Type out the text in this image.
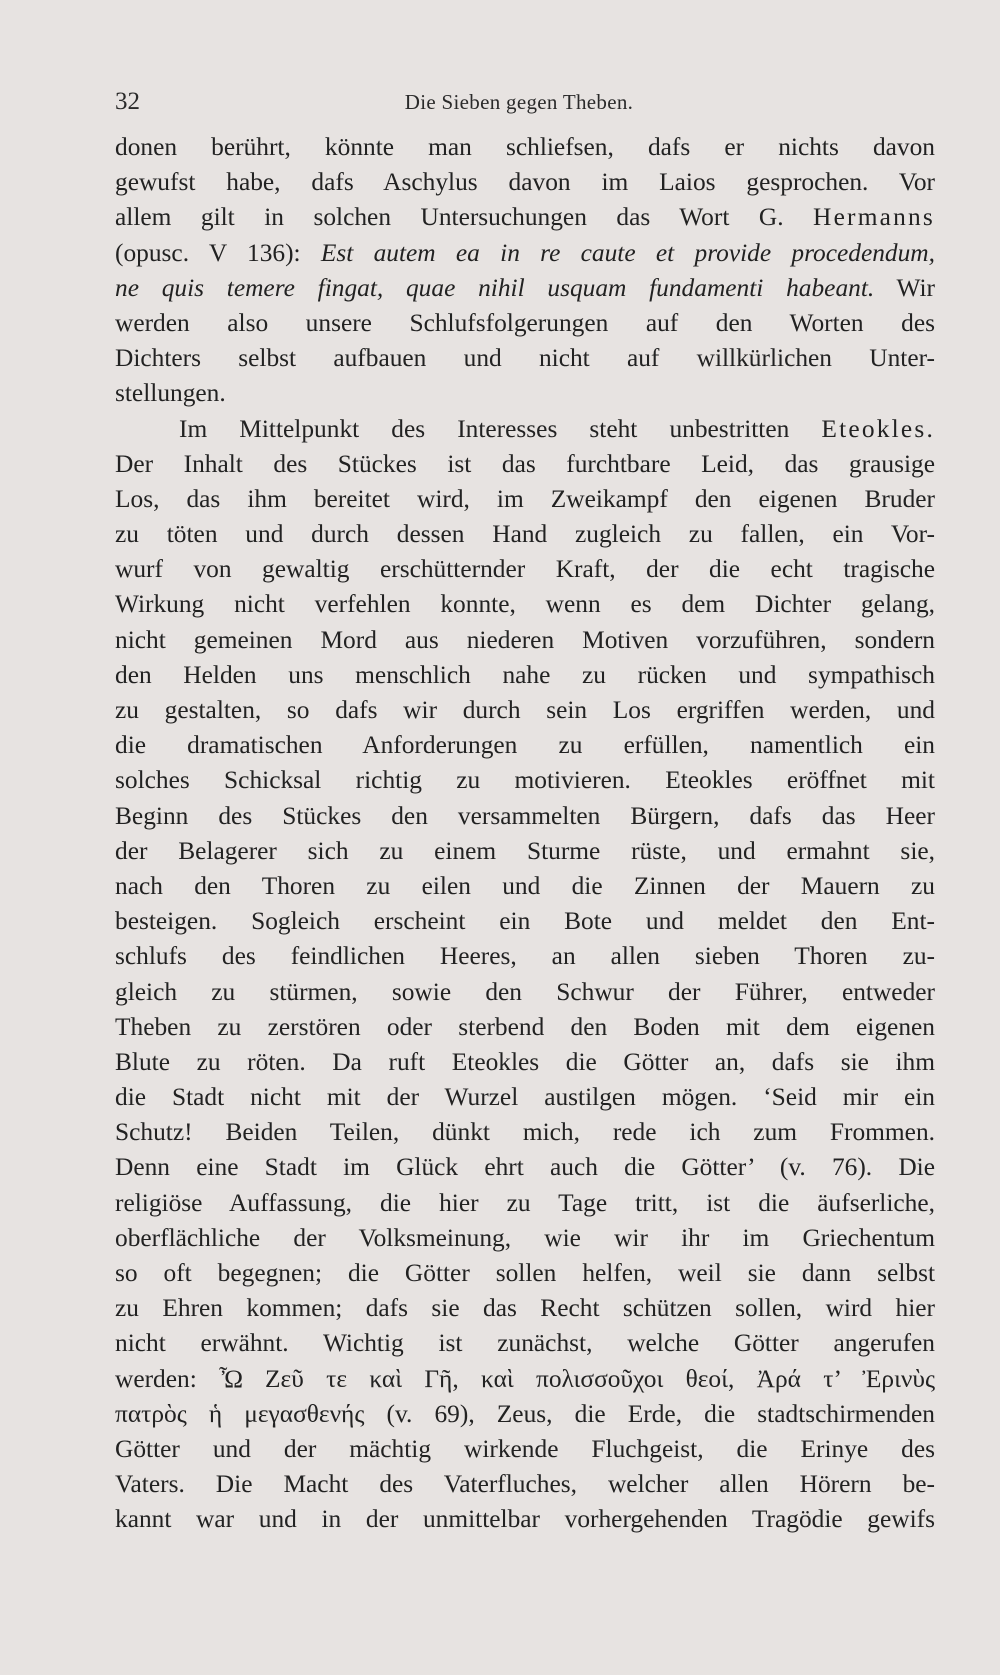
32	Die Sieben gegen Theben.
donen berührt, könnte man schliefsen, dafs er nichts davon
gewufst habe, dafs Aschylus davon im Laios gesprochen. Vor
allem gilt in solchen Untersuchungen das Wort G. Hermanns
(opusc. V 136): Est autem ea in re caute et provide procedendum,
ne quis temere fingat, quae nihil usquam fundamenti habeant. Wir
werden also unsere Schlufsfolgerungen auf den Worten des
Dichters selbst aufbauen und nicht auf willkürlichen Unter-
stellungen.
Im Mittelpunkt des Interesses steht unbestritten Eteokles.
Der Inhalt des Stückes ist das furchtbare Leid, das grausige
Los, das ihm bereitet wird, im Zweikampf den eigenen Bruder
zu töten und durch dessen Hand zugleich zu fallen, ein Vor-
wurf von gewaltig erschütternder Kraft, der die echt tragische
Wirkung nicht verfehlen konnte, wenn es dem Dichter gelang,
nicht gemeinen Mord aus niederen Motiven vorzuführen, sondern
den Helden uns menschlich nahe zu rücken und sympathisch
zu gestalten, so dafs wir durch sein Los ergriffen werden, und
die dramatischen Anforderungen zu erfüllen, namentlich ein
solches Schicksal richtig zu motivieren. Eteokles eröffnet mit
Beginn des Stückes den versammelten Bürgern, dafs das Heer
der Belagerer sich zu einem Sturme rüste, und ermahnt sie,
nach den Thoren zu eilen und die Zinnen der Mauern zu
besteigen. Sogleich erscheint ein Bote und meldet den Ent-
schlufs des feindlichen Heeres, an allen sieben Thoren zu-
gleich zu stürmen, sowie den Schwur der Führer, entweder
Theben zu zerstören oder sterbend den Boden mit dem eigenen
Blute zu röten. Da ruft Eteokles die Götter an, dafs sie ihm
die Stadt nicht mit der Wurzel austilgen mögen. ‘Seid mir ein
Schutz! Beiden Teilen, dünkt mich, rede ich zum Frommen.
Denn eine Stadt im Glück ehrt auch die Götter’ (v. 76). Die
religiöse Auffassung, die hier zu Tage tritt, ist die äufserliche,
oberflächliche der Volksmeinung, wie wir ihr im Griechentum
so oft begegnen; die Götter sollen helfen, weil sie dann selbst
zu Ehren kommen; dafs sie das Recht schützen sollen, wird hier
nicht erwähnt. Wichtig ist zunächst, welche Götter angerufen
werden: Ὦ Ζεῦ τε καὶ Γῆ, καὶ πολισσοῦχοι θεοί, Ἀρά τ’ Ἐρινὺς
πατρὸς ἡ μεγασθενής (v. 69), Zeus, die Erde, die stadtschirmenden
Götter und der mächtig wirkende Fluchgeist, die Erinye des
Vaters. Die Macht des Vaterfluches, welcher allen Hörern be-
kannt war und in der unmittelbar vorhergehenden Tragödie gewifs
